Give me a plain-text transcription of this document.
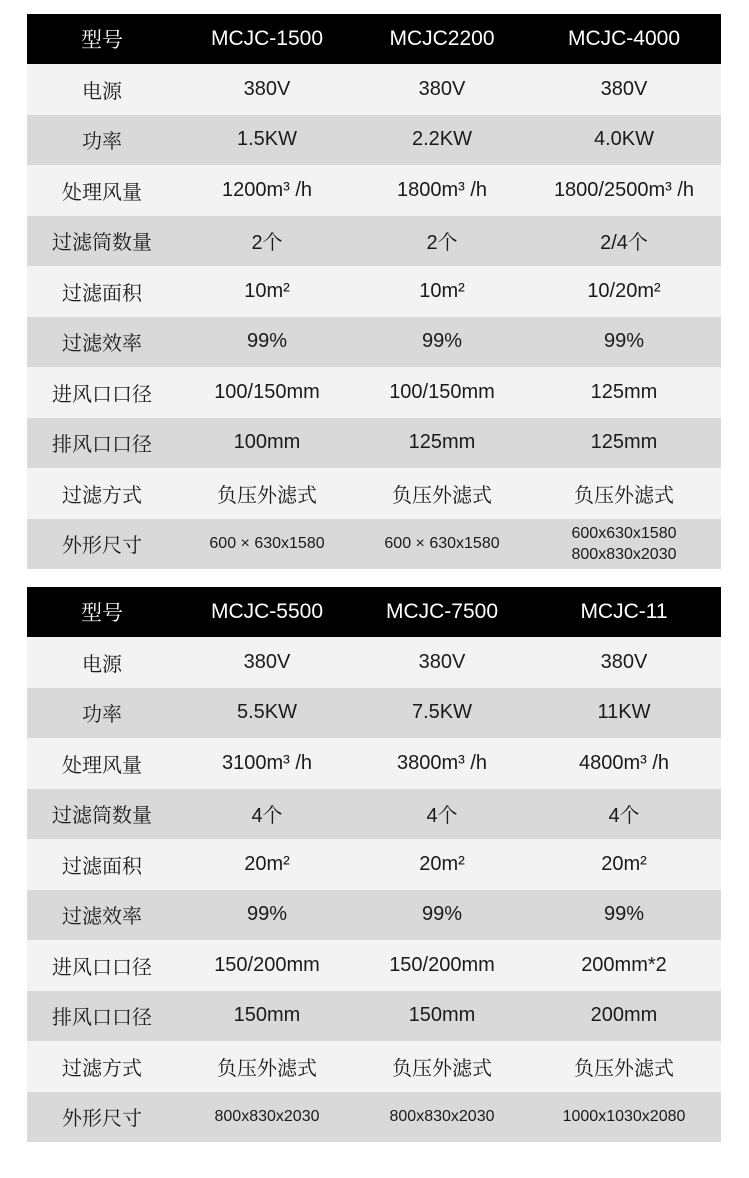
型号	MCJC-1500	MCJC2200	MCJC-4000
电源	380V	380V	380V
功率	1.5KW	2.2KW	4.0KW
处理风量	1200m³ /h	1800m³ /h	1800/2500m³ /h
过滤筒数量	2个	2个	2/4个
过滤面积	10m²	10m²	10/20m²
过滤效率	99%	99%	99%
进风口口径	100/150mm	100/150mm	125mm
排风口口径	100mm	125mm	125mm
过滤方式	负压外滤式	负压外滤式	负压外滤式
外形尺寸	600 × 630x1580	600 × 630x1580	600x630x1580
800x830x2030
型号	MCJC-5500	MCJC-7500	MCJC-11
电源	380V	380V	380V
功率	5.5KW	7.5KW	11KW
处理风量	3100m³ /h	3800m³ /h	4800m³ /h
过滤筒数量	4个	4个	4个
过滤面积	20m²	20m²	20m²
过滤效率	99%	99%	99%
进风口口径	150/200mm	150/200mm	200mm*2
排风口口径	150mm	150mm	200mm
过滤方式	负压外滤式	负压外滤式	负压外滤式
外形尺寸	800x830x2030	800x830x2030	1000x1030x2080
